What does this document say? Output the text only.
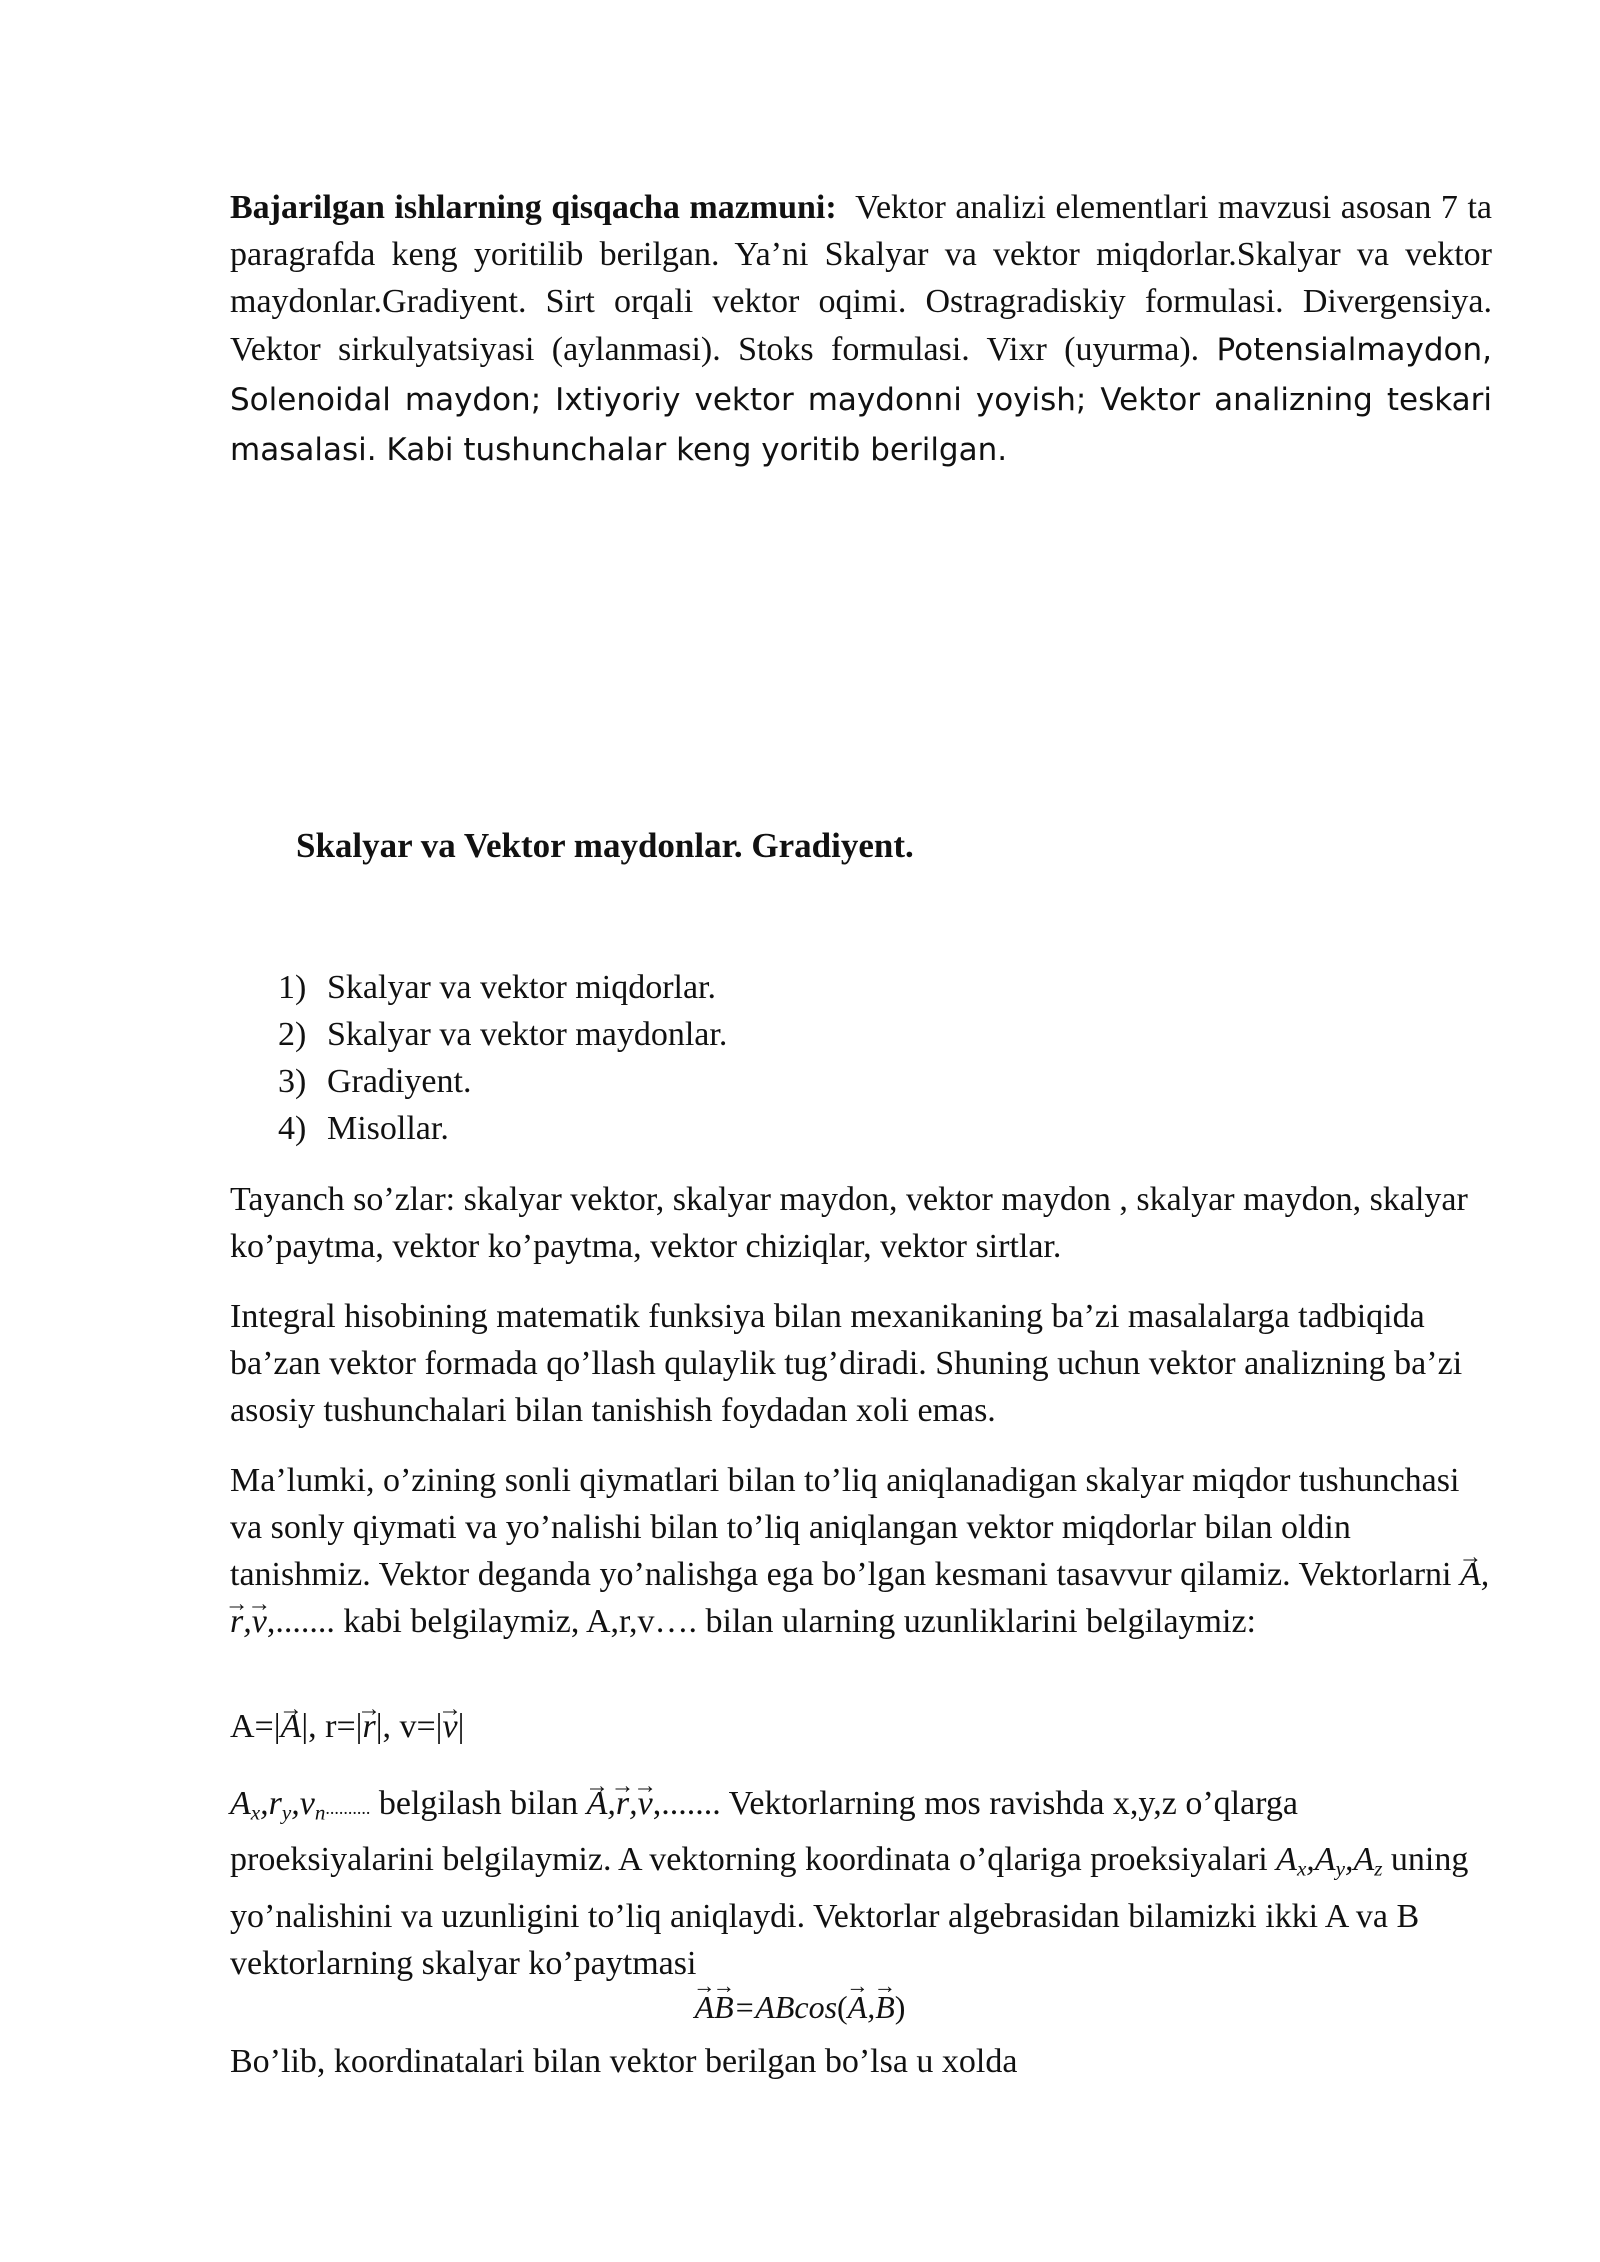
Bajarilgan ishlarning qisqacha mazmuni: Vektor analizi elementlari mavzusi asosan 7 ta paragrafda keng yoritilib berilgan. Ya’ni Skalyar va vektor miqdorlar.Skalyar va vektor maydonlar.Gradiyent. Sirt orqali vektor oqimi. Ostragradiskiy formulasi. Divergensiya. Vektor sirkulyatsiyasi (aylanmasi). Stoks formulasi. Vixr (uyurma). Potensialmaydon, Solenoidal maydon; Ixtiyoriy vektor maydonni yoyish; Vektor analizning teskari masalasi. Kabi tushunchalar keng yoritib berilgan.

Skalyar va Vektor maydonlar. Gradiyent.
1) Skalyar va vektor miqdorlar.
2) Skalyar va vektor maydonlar.
3) Gradiyent.
4) Misollar.

Tayanch so’zlar: skalyar vektor, skalyar maydon, vektor maydon , skalyar maydon, skalyar ko’paytma, vektor ko’paytma, vektor chiziqlar, vektor sirtlar.

Integral hisobining matematik funksiya bilan mexanikaning ba’zi masalalarga tadbiqida ba’zan vektor formada qo’llash qulaylik tug’diradi. Shuning uchun vektor analizning ba’zi asosiy tushunchalari bilan tanishish foydadan xoli emas.

Ma’lumki, o’zining sonli qiymatlari bilan to’liq aniqlanadigan skalyar miqdor tushunchasi va sonly qiymati va yo’nalishi bilan to’liq aniqlangan vektor miqdorlar bilan oldin tanishmiz. Vektor deganda yo’nalishga ega bo’lgan kesmani tasavvur qilamiz. Vektorlarni → A,→ r,→ v,....... kabi belgilaymiz, A,r,v…. bilan ularning uzunliklarini belgilaymiz:

A=|→ A|, r=|→ r|, v=|→ v|

$A_x,r_y,v_n$.......... belgilash bilan → A,→ r,→ v,....... Vektorlarning mos ravishda x,y,z o’qlarga proeksiyalarini belgilaymiz. A vektorning koordinata o’qlariga proeksiyalari $A_x,A_y,A_z$ uning yo’nalishini va uzunligini to’liq aniqlaydi. Vektorlar algebrasidan bilamizki ikki A va B vektorlarning skalyar ko’paytmasi

→ A→ B=ABcos(→ A,→ B)

Bo’lib, koordinatalari bilan vektor berilgan bo’lsa u xolda
